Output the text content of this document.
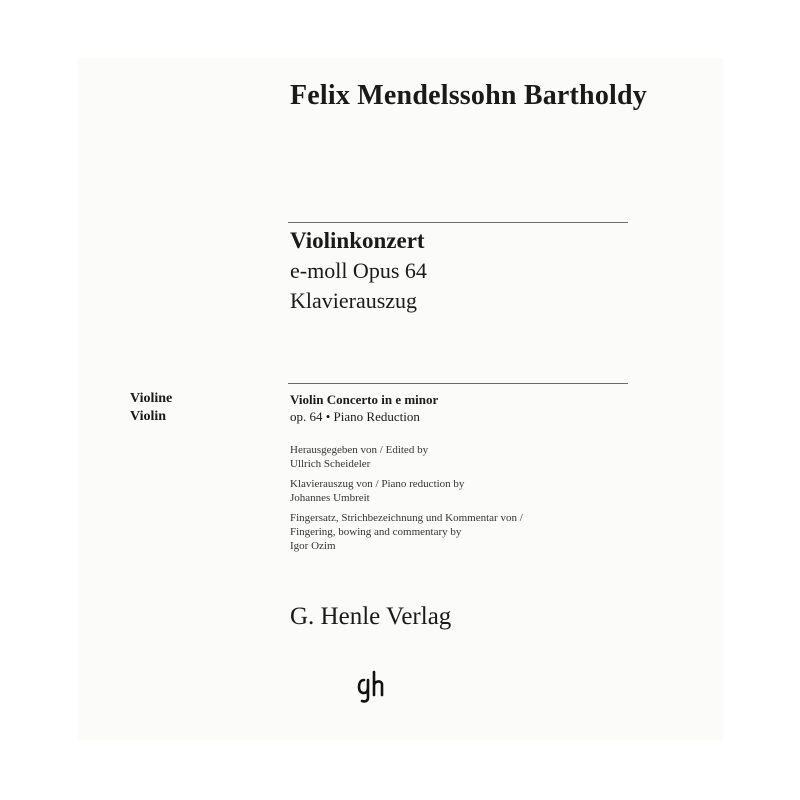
Felix Mendelssohn Bartholdy
Violinkonzert
e-moll Opus 64
Klavierauszug
Violine
Violin
Violin Concerto in e minor
op. 64 • Piano Reduction
Herausgegeben von / Edited by
Ullrich Scheideler
Klavierauszug von / Piano reduction by
Johannes Umbreit
Fingersatz, Strichbezeichnung und Kommentar von /
Fingering, bowing and commentary by
Igor Ozim
G. Henle Verlag
